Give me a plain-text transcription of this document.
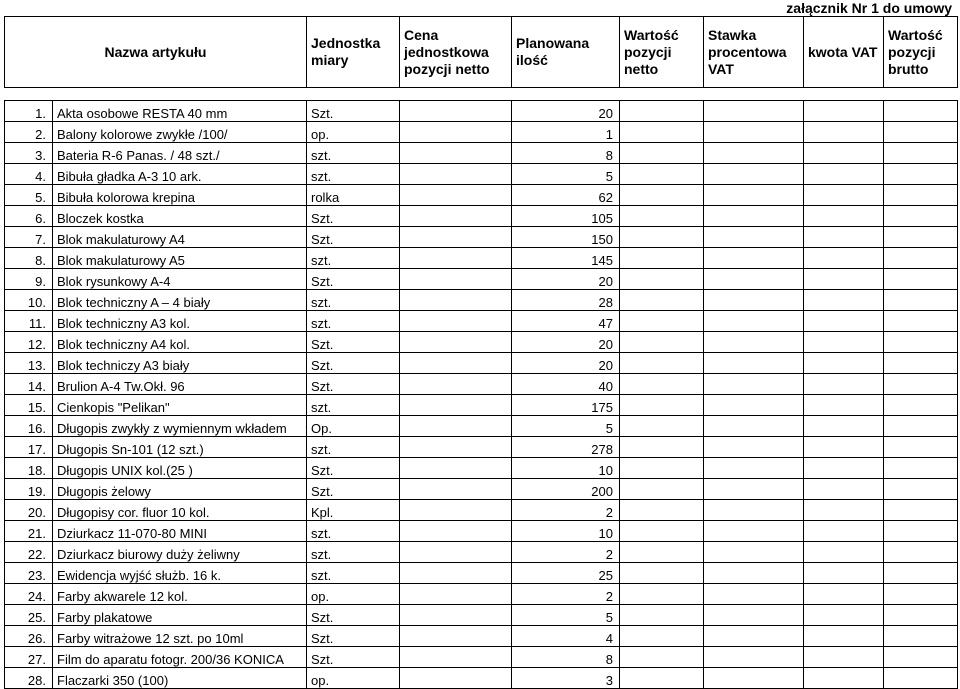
załącznik Nr 1 do umowy
Nazwa artykułu		Jednostka miary	Cena jednostkowa pozycji netto	Planowana ilość	Wartość pozycji netto	Stawka procentowa VAT	kwota VAT	Wartość pozycji brutto

1.	Akta osobowe RESTA 40 mm	Szt.		20				
2.	Balony kolorowe zwykłe /100/	op.		1				
3.	Bateria R-6 Panas. / 48 szt./	szt.		8				
4.	Bibuła gładka A-3 10 ark.	szt.		5				
5.	Bibuła kolorowa krepina	rolka		62				
6.	Bloczek kostka	Szt.		105				
7.	Blok makulaturowy A4	Szt.		150				
8.	Blok makulaturowy A5	szt.		145				
9.	Blok rysunkowy A-4	Szt.		20				
10.	Blok techniczny A – 4 biały	szt.		28				
11.	Blok techniczny A3 kol.	szt.		47				
12.	Blok techniczny A4 kol.	Szt.		20				
13.	Blok techniczy A3 biały	Szt.		20				
14.	Brulion A-4 Tw.Okł. 96	Szt.		40				
15.	Cienkopis "Pelikan"	szt.		175				
16.	Długopis zwykły z wymiennym wkładem	Op.		5				
17.	Długopis Sn-101 (12 szt.)	szt.		278				
18.	Długopis UNIX kol.(25 )	Szt.		10				
19.	Długopis żelowy	Szt.		200				
20.	Długopisy cor. fluor 10 kol.	Kpl.		2				
21.	Dziurkacz 11-070-80 MINI	szt.		10				
22.	Dziurkacz biurowy duży żeliwny	szt.		2				
23.	Ewidencja wyjść służb. 16 k.	szt.		25				
24.	Farby akwarele 12 kol.	op.		2				
25.	Farby plakatowe	Szt.		5				
26.	Farby witrażowe 12 szt. po 10ml	Szt.		4				
27.	Film do aparatu fotogr. 200/36 KONICA	Szt.		8				
28.	Flaczarki 350 (100)	op.		3				
